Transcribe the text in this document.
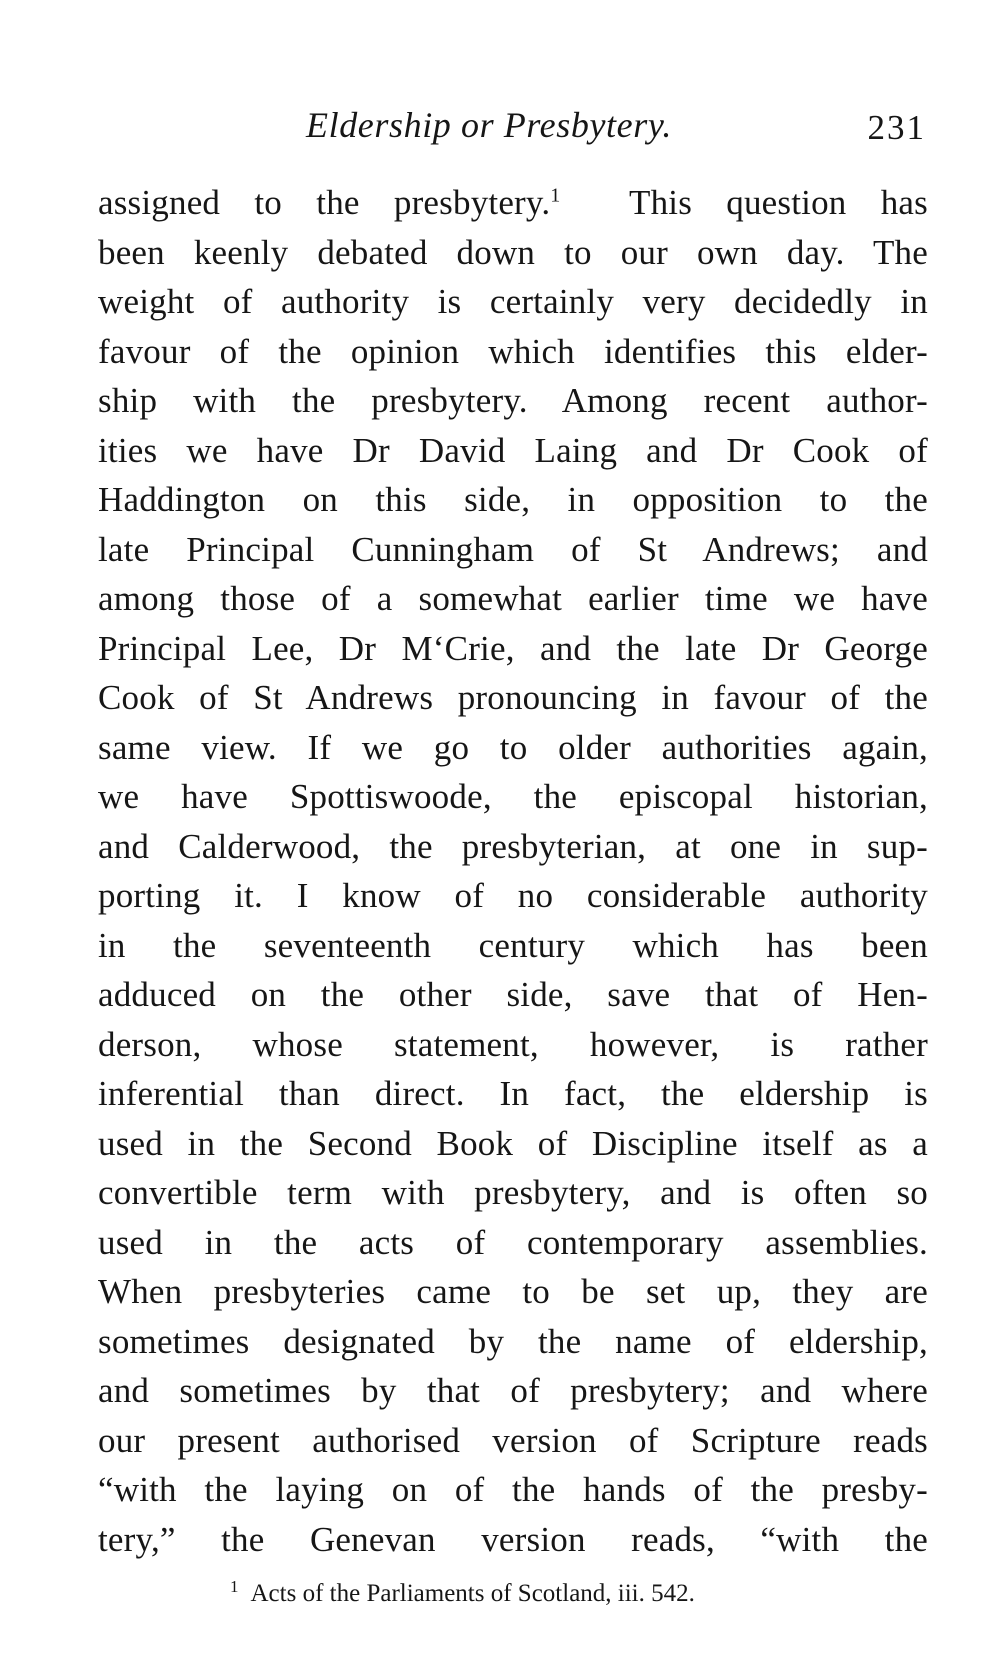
Eldership or Presbytery.	231
assigned to the presbytery.$^1$ This question has
been keenly debated down to our own day. The
weight of authority is certainly very decidedly in
favour of the opinion which identifies this elder-
ship with the presbytery. Among recent author-
ities we have Dr David Laing and Dr Cook of
Haddington on this side, in opposition to the
late Principal Cunningham of St Andrews; and
among those of a somewhat earlier time we have
Principal Lee, Dr M‘Crie, and the late Dr George
Cook of St Andrews pronouncing in favour of the
same view. If we go to older authorities again,
we have Spottiswoode, the episcopal historian,
and Calderwood, the presbyterian, at one in sup-
porting it. I know of no considerable authority
in the seventeenth century which has been
adduced on the other side, save that of Hen-
derson, whose statement, however, is rather
inferential than direct. In fact, the eldership is
used in the Second Book of Discipline itself as a
convertible term with presbytery, and is often so
used in the acts of contemporary assemblies.
When presbyteries came to be set up, they are
sometimes designated by the name of eldership,
and sometimes by that of presbytery; and where
our present authorised version of Scripture reads
“with the laying on of the hands of the presby-
tery,” the Genevan version reads, “with the
$^1$ Acts of the Parliaments of Scotland, iii. 542.
